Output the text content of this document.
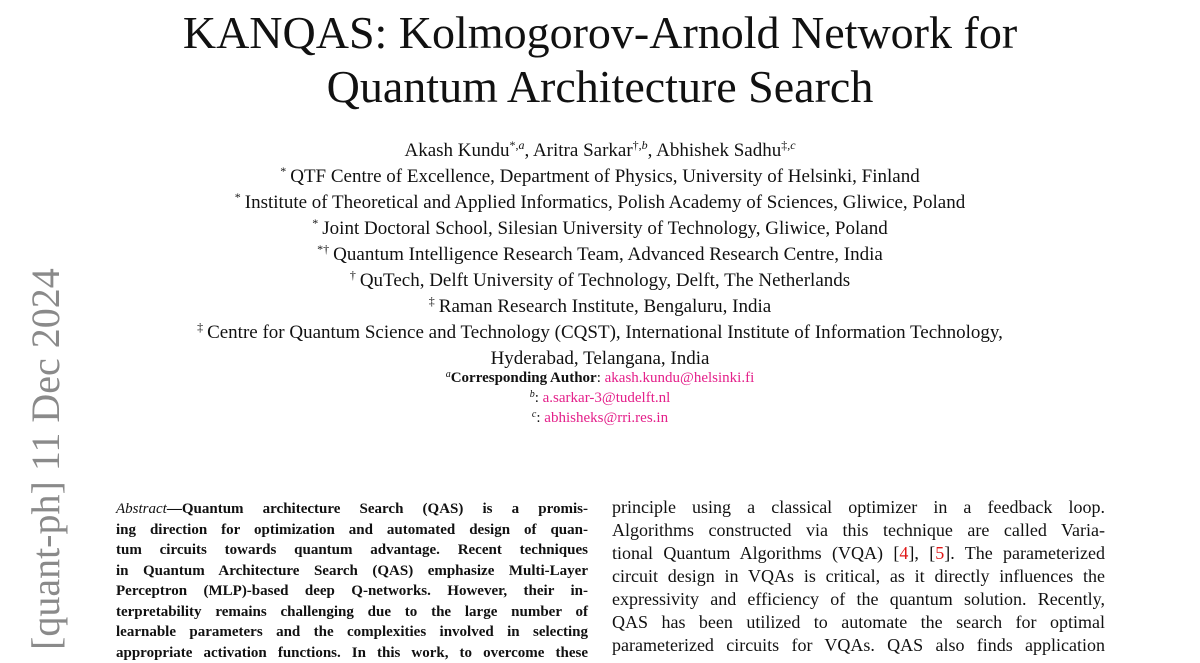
[quant-ph] 11 Dec 2024
KANQAS: Kolmogorov-Arnold Network for
Quantum Architecture Search
Akash Kundu$^{*,a}$, Aritra Sarkar$^{\dagger,b}$, Abhishek Sadhu$^{\ddagger,c}$
* QTF Centre of Excellence, Department of Physics, University of Helsinki, Finland
* Institute of Theoretical and Applied Informatics, Polish Academy of Sciences, Gliwice, Poland
* Joint Doctoral School, Silesian University of Technology, Gliwice, Poland
*† Quantum Intelligence Research Team, Advanced Research Centre, India
† QuTech, Delft University of Technology, Delft, The Netherlands
‡ Raman Research Institute, Bengaluru, India
‡ Centre for Quantum Science and Technology (CQST), International Institute of Information Technology,
Hyderabad, Telangana, India
$^a$Corresponding Author: akash.kundu@helsinki.fi
$^b$: a.sarkar-3@tudelft.nl
$^c$: abhisheks@rri.res.in
Abstract—Quantum architecture Search (QAS) is a promis-
ing direction for optimization and automated design of quan-
tum circuits towards quantum advantage. Recent techniques
in Quantum Architecture Search (QAS) emphasize Multi-Layer
Perceptron (MLP)-based deep Q-networks. However, their in-
terpretability remains challenging due to the large number of
learnable parameters and the complexities involved in selecting
appropriate activation functions. In this work, to overcome these
principle using a classical optimizer in a feedback loop.
Algorithms constructed via this technique are called Varia-
tional Quantum Algorithms (VQA) [4], [5]. The parameterized
circuit design in VQAs is critical, as it directly influences the
expressivity and efficiency of the quantum solution. Recently,
QAS has been utilized to automate the search for optimal
parameterized circuits for VQAs. QAS also finds application
